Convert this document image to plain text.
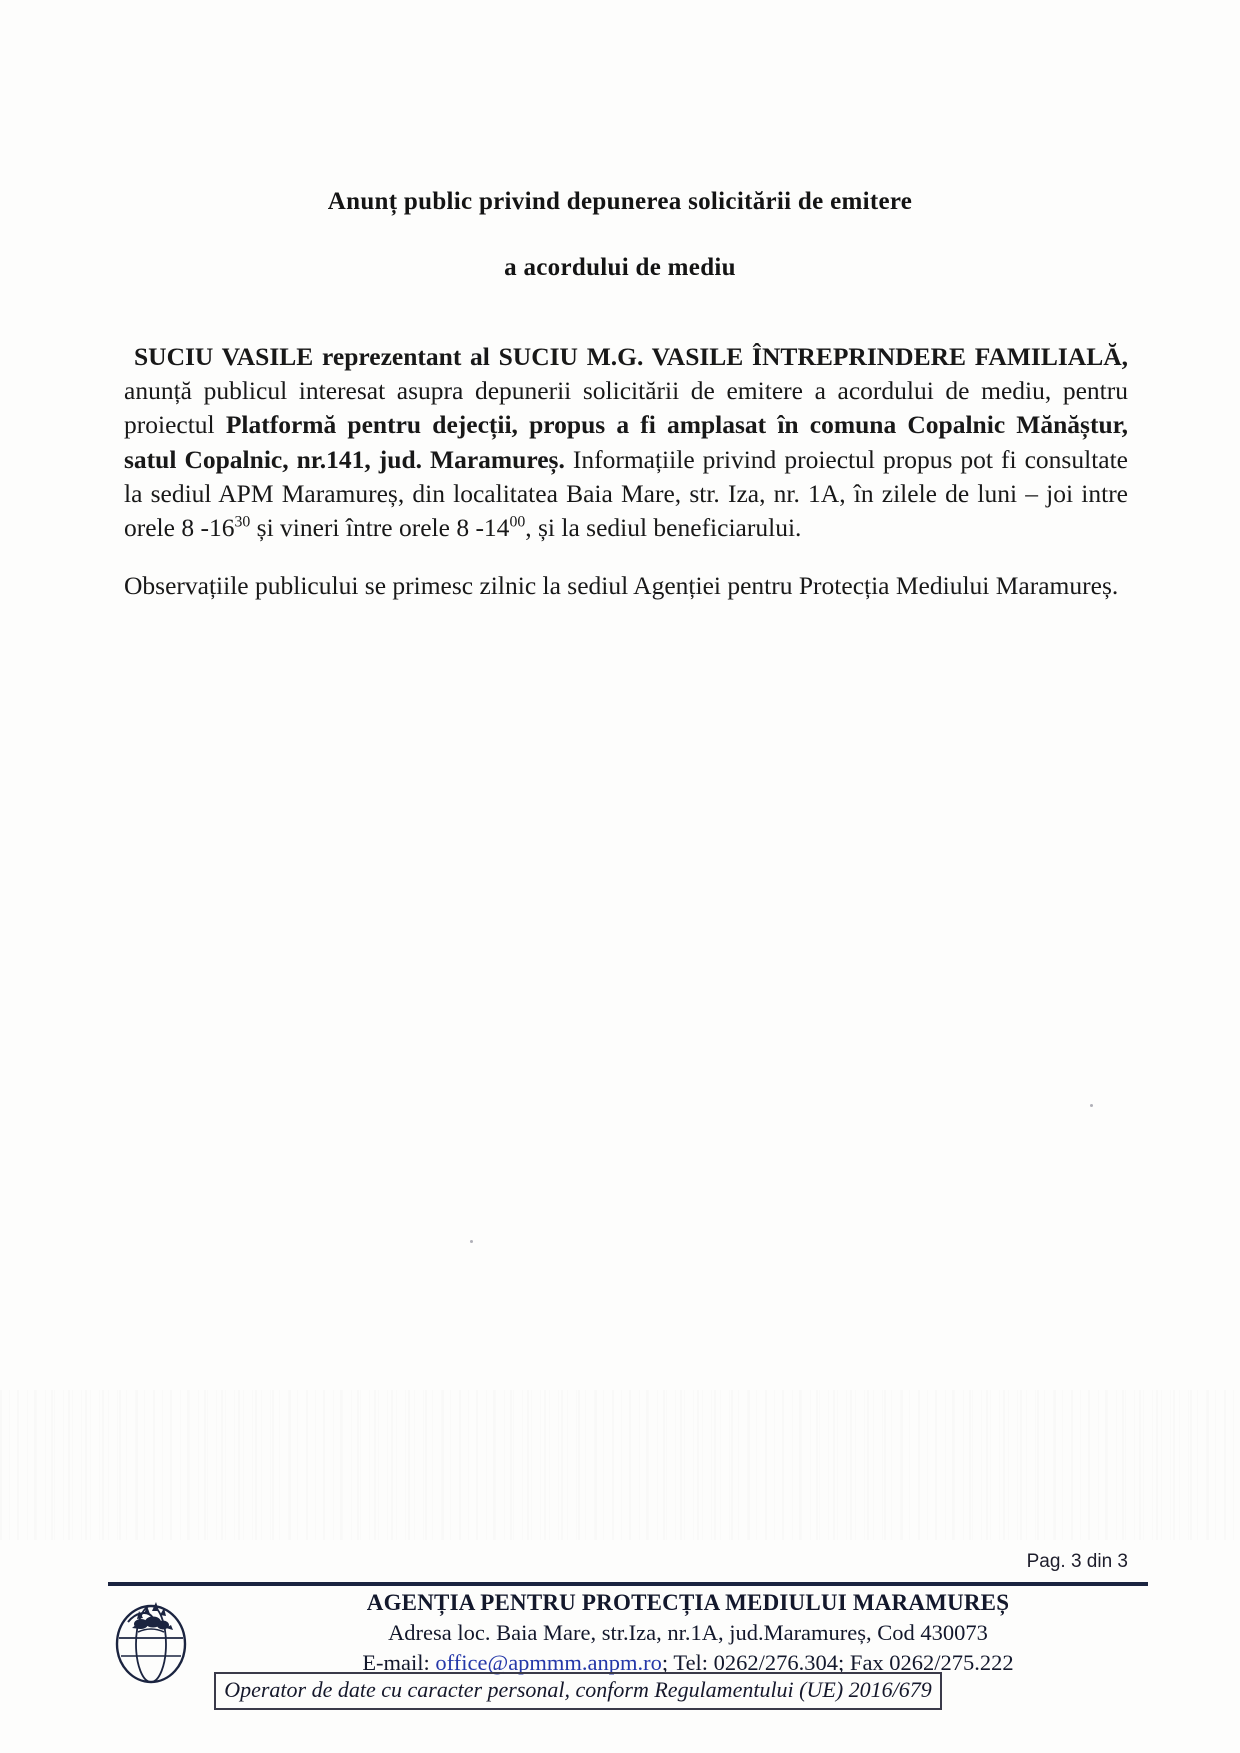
Anunț public privind depunerea solicitării de emitere
a acordului de mediu

SUCIU VASILE reprezentant al SUCIU M.G. VASILE ÎNTREPRINDERE FAMILIALĂ, anunță publicul interesat asupra depunerii solicitării de emitere a acordului de mediu, pentru proiectul Platformă pentru dejecții, propus a fi amplasat în comuna Copalnic Mănăștur, satul Copalnic, nr.141, jud. Maramureș. Informațiile privind proiectul propus pot fi consultate la sediul APM Maramureș, din localitatea Baia Mare, str. Iza, nr. 1A, în zilele de luni – joi intre orele 8 $-16^{30}$ și vineri între orele 8 $-14^{00}$, și la sediul beneficiarului.

Observațiile publicului se primesc zilnic la sediul Agenției pentru Protecția Mediului Maramureș.

Pag. 3 din 3
AGENȚIA PENTRU PROTECȚIA MEDIULUI MARAMUREȘ
Adresa loc. Baia Mare, str.Iza, nr.1A, jud.Maramureș, Cod 430073
E-mail: office@apmmm.anpm.ro; Tel: 0262/276.304; Fax 0262/275.222
Operator de date cu caracter personal, conform Regulamentului (UE) 2016/679
